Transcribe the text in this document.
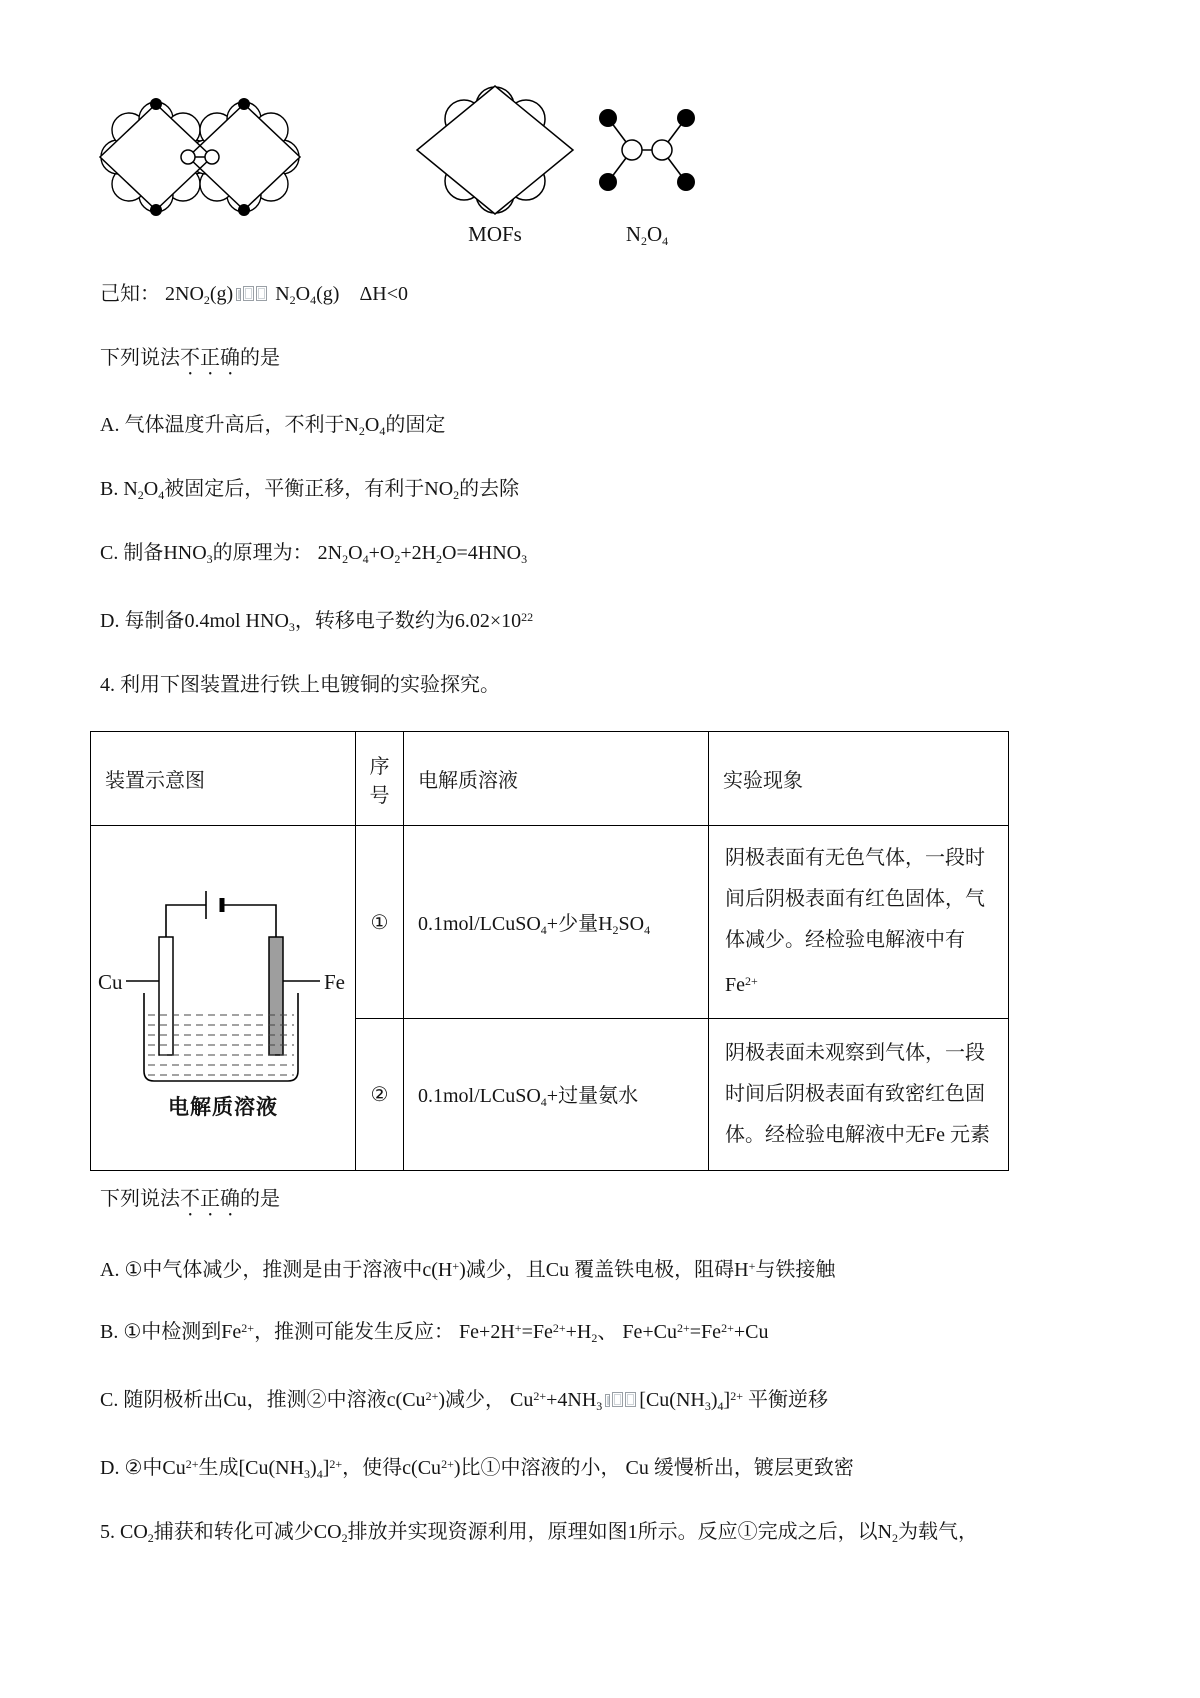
MOFs	$N_2O_4$

己知： $2NO_2(g)$
$N_2O_4(g)$　ΔH<0

下列说法不正确的是

A. 气体温度升高后，不利于$N_2O_4$的固定

B. $N_2O_4$被固定后，平衡正移，有利于$NO_2$的去除

C. 制备$HNO_3$的原理为： $2N_2O_4+O_2+2H_2O=4HNO_3$

D. 每制备0.4mol $HNO_3$，转移电子数约为$6.02\times 10^{22}$

4. 利用下图装置进行铁上电镀铜的实验探究。

装置示意图	序号	电解质溶液	实验现象

Cu Fe
电解质溶液	①	0.1mol/LCuSO$_4$+少量$H_2SO_4$	阴极表面有无色气体，一段时间后阴极表面有红色固体，气体减少。经检验电解液中有$Fe^{2+}$
	②	0.1mol/LCuSO$_4$+过量氨水	阴极表面未观察到气体，一段时间后阴极表面有致密红色固体。经检验电解液中无Fe 元素

下列说法不正确的是

A. ①中气体减少，推测是由于溶液中c(H+)减少，且Cu 覆盖铁电极，阻碍H+与铁接触

B. ①中检测到$Fe^{2+}$，推测可能发生反应： $Fe+2H^+=Fe^{2+}+H_2$、 $Fe+Cu^{2+}=Fe^{2+}+Cu$

C. 随阴极析出Cu，推测②中溶液$c(Cu^{2+})$减少， $Cu^{2+}+4NH_3$ $[Cu(NH_3)_4]^{2+}$ 平衡逆移

D. ②中$Cu^{2+}$生成$[Cu(NH_3)_4]^{2+}$，使得$c(Cu^{2+})$比①中溶液的小， Cu 缓慢析出，镀层更致密

5. $CO_2$捕获和转化可减少$CO_2$排放并实现资源利用，原理如图1所示。反应①完成之后，以$N_2$为载气，
